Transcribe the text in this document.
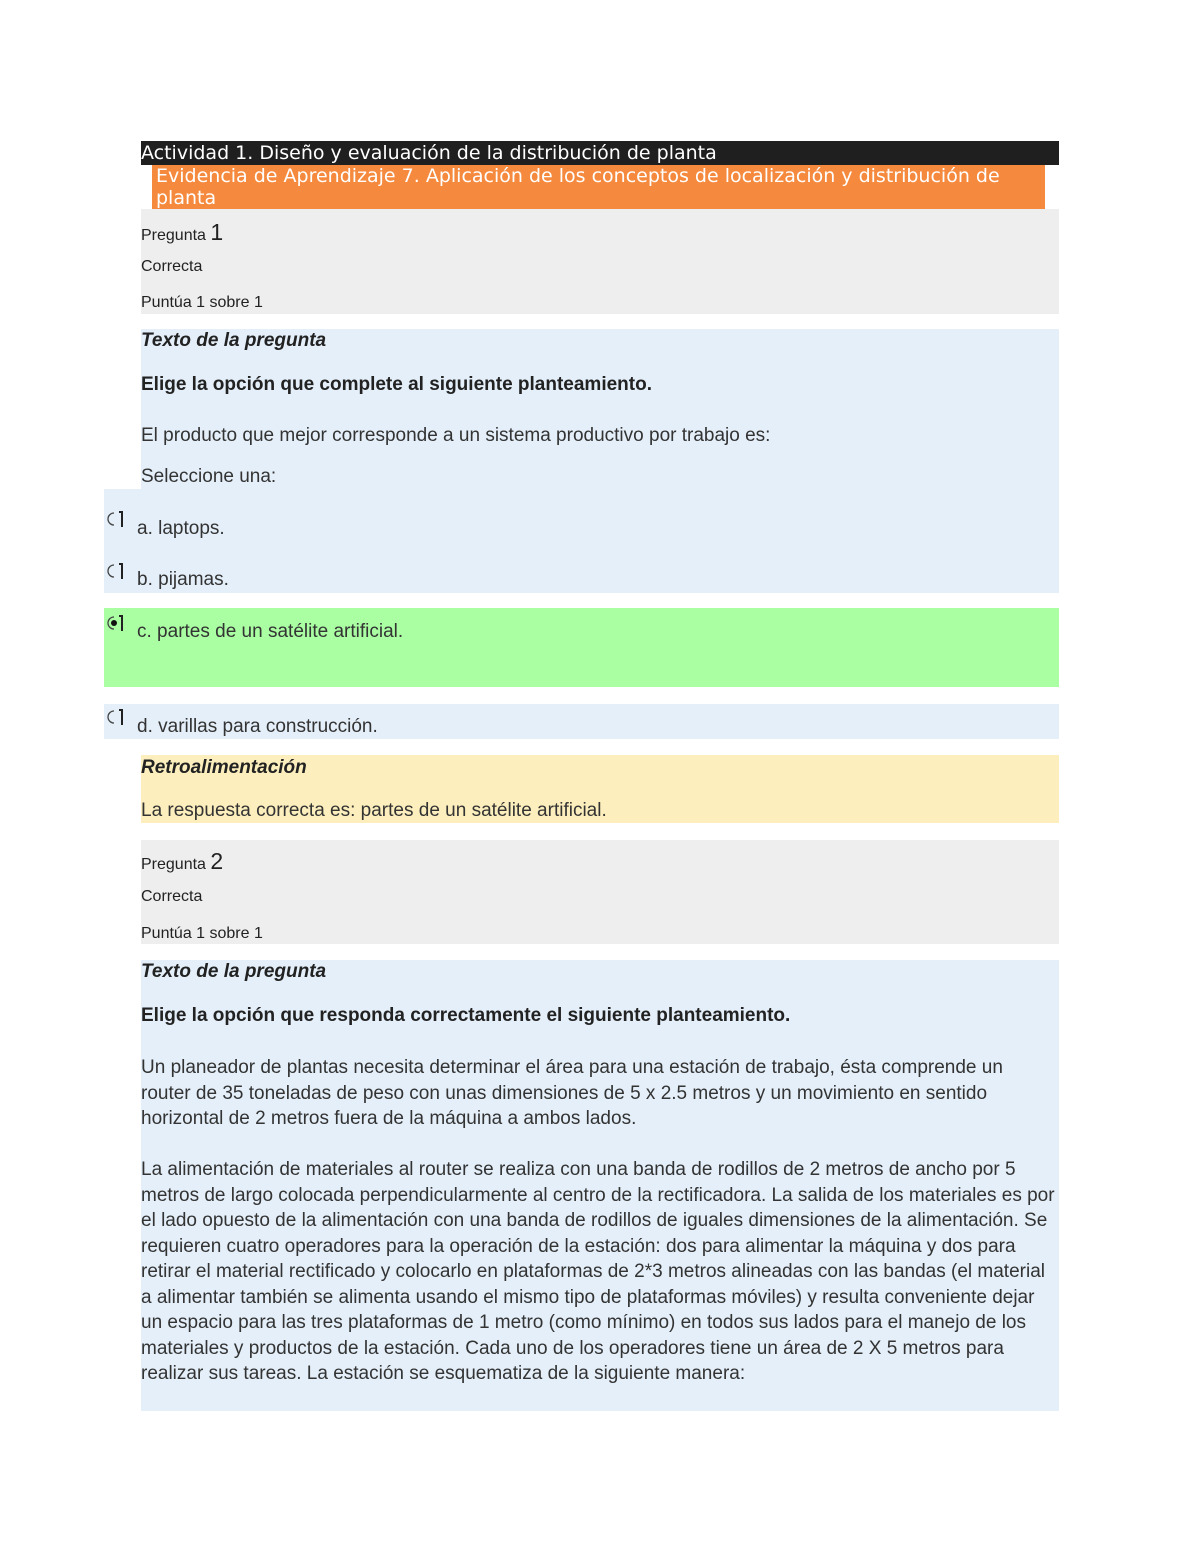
Actividad 1. Diseño y evaluación de la distribución de planta
Evidencia de Aprendizaje 7. Aplicación de los conceptos de localización y distribución de planta
Pregunta 1
Correcta
Puntúa 1 sobre 1
Texto de la pregunta
Elige la opción que complete al siguiente planteamiento.
El producto que mejor corresponde a un sistema productivo por trabajo es:
Seleccione una:
a. laptops.
b. pijamas.
c. partes de un satélite artificial.
d. varillas para construcción.
Retroalimentación
La respuesta correcta es: partes de un satélite artificial.
Pregunta 2
Correcta
Puntúa 1 sobre 1
Texto de la pregunta
Elige la opción que responda correctamente el siguiente planteamiento.
Un planeador de plantas necesita determinar el área para una estación de trabajo, ésta comprende un router de 35 toneladas de peso con unas dimensiones de 5 x 2.5 metros y un movimiento en sentido horizontal de 2 metros fuera de la máquina a ambos lados.
La alimentación de materiales al router se realiza con una banda de rodillos de 2 metros de ancho por 5 metros de largo colocada perpendicularmente al centro de la rectificadora. La salida de los materiales es por el lado opuesto de la alimentación con una banda de rodillos de iguales dimensiones de la alimentación. Se requieren cuatro operadores para la operación de la estación: dos para alimentar la máquina y dos para retirar el material rectificado y colocarlo en plataformas de 2*3 metros alineadas con las bandas (el material a alimentar también se alimenta usando el mismo tipo de plataformas móviles) y resulta conveniente dejar un espacio para las tres plataformas de 1 metro (como mínimo) en todos sus lados para el manejo de los materiales y productos de la estación. Cada uno de los operadores tiene un área de 2 X 5 metros para realizar sus tareas. La estación se esquematiza de la siguiente manera:
